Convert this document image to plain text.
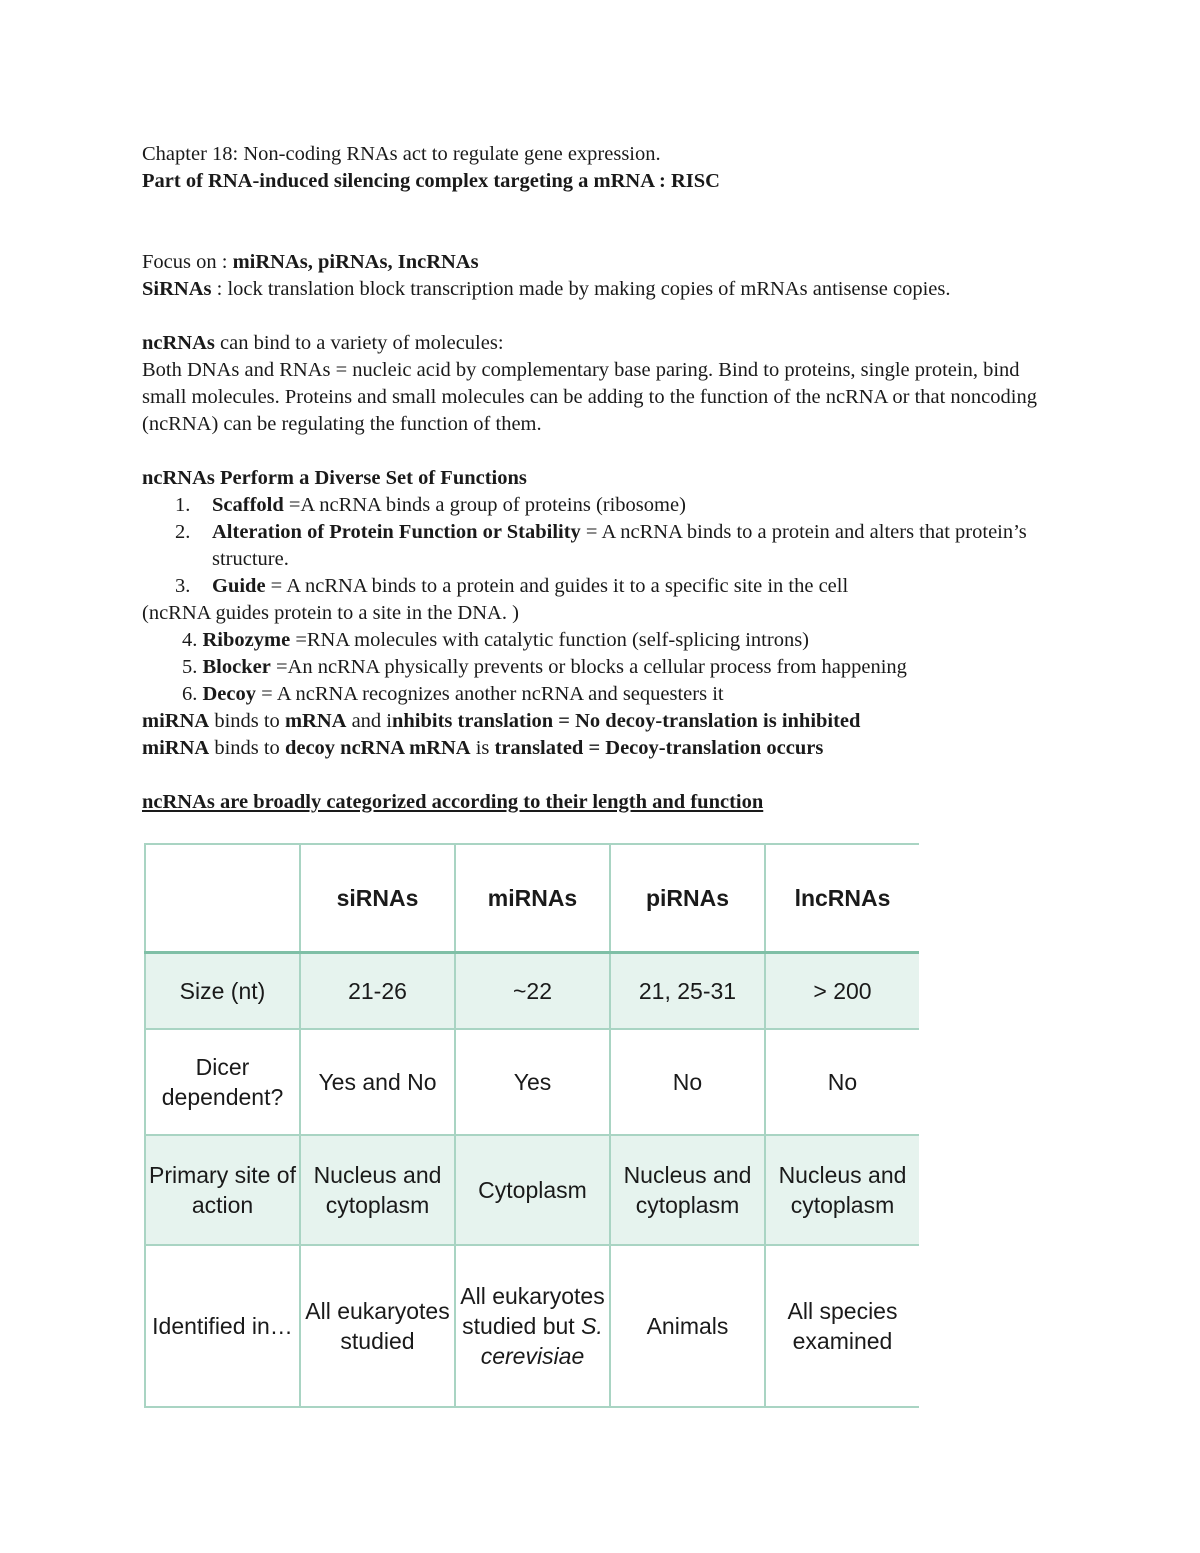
Chapter 18: Non-coding RNAs act to regulate gene expression.
Part of RNA-induced silencing complex targeting a mRNA : RISC
Focus on : miRNAs, piRNAs, IncRNAs
SiRNAs : lock translation block transcription made by making copies of mRNAs antisense copies.
ncRNAs can bind to a variety of molecules:
Both DNAs and RNAs = nucleic acid by complementary base paring. Bind to proteins, single protein, bind small molecules. Proteins and small molecules can be adding to the function of the ncRNA or that noncoding (ncRNA) can be regulating the function of them.
ncRNAs Perform a Diverse Set of Functions
1. Scaffold =A ncRNA binds a group of proteins (ribosome)
2. Alteration of Protein Function or Stability = A ncRNA binds to a protein and alters that protein’s structure.
3. Guide = A ncRNA binds to a protein and guides it to a specific site in the cell
(ncRNA guides protein to a site in the DNA. )
4. Ribozyme =RNA molecules with catalytic function (self-splicing introns)
5. Blocker =An ncRNA physically prevents or blocks a cellular process from happening
6. Decoy = A ncRNA recognizes another ncRNA and sequesters it
miRNA binds to mRNA and inhibits translation = No decoy-translation is inhibited
miRNA binds to decoy ncRNA mRNA is translated = Decoy-translation occurs
ncRNAs are broadly categorized according to their length and function
	siRNAs	miRNAs	piRNAs	lncRNAs
Size (nt)	21-26	~22	21, 25-31	> 200
Dicer dependent?	Yes and No	Yes	No	No
Primary site of action	Nucleus and cytoplasm	Cytoplasm	Nucleus and cytoplasm	Nucleus and cytoplasm
Identified in…	All eukaryotes studied	All eukaryotes studied but S. cerevisiae	Animals	All species examined
